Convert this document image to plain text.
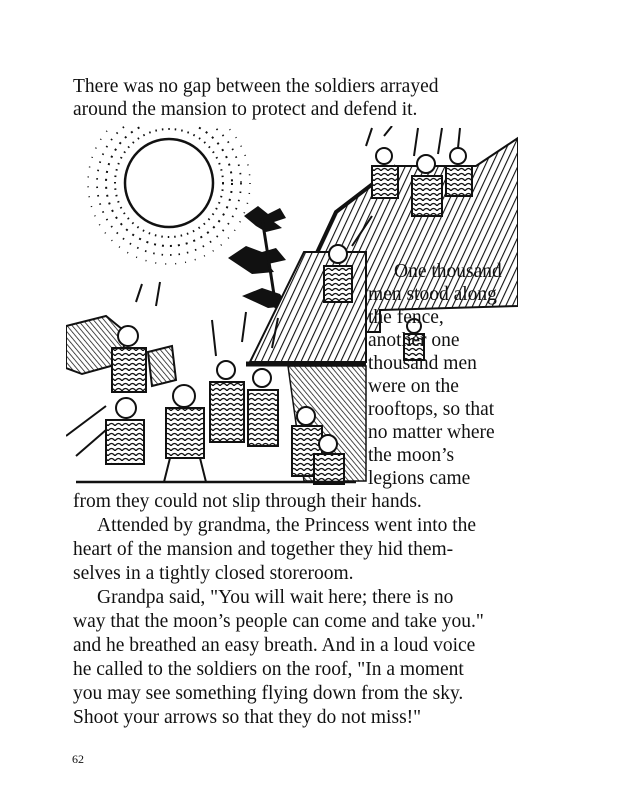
There was no gap between the soldiers arrayed
around the mansion to protect and defend it.
One thousand
men stood along
the fence,
another one
thousand men
were on the
rooftops, so that
no matter where
the moon’s
legions came
from they could not slip through their hands.
Attended by grandma, the Princess went into the
heart of the mansion and together they hid them-
selves in a tightly closed storeroom.
Grandpa said, "You will wait here; there is no
way that the moon’s people can come and take you."
and he breathed an easy breath. And in a loud voice
he called to the soldiers on the roof, "In a moment
you may see something flying down from the sky.
Shoot your arrows so that they do not miss!"
62
